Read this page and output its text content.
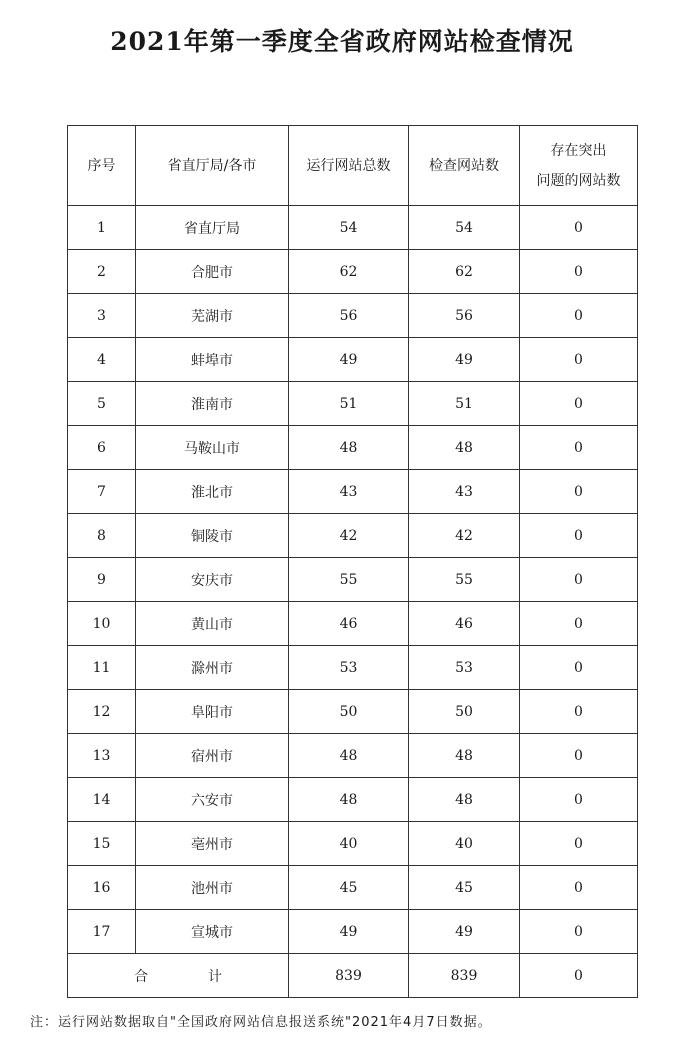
2021年第一季度全省政府网站检查情况
序号	省直厅局/各市	运行网站总数	检查网站数	存在突出
问题的网站数

1	省直厅局	54	54	0
2	合肥市	62	62	0
3	芜湖市	56	56	0
4	蚌埠市	49	49	0
5	淮南市	51	51	0
6	马鞍山市	48	48	0
7	淮北市	43	43	0
8	铜陵市	42	42	0
9	安庆市	55	55	0
10	黄山市	46	46	0
11	滁州市	53	53	0
12	阜阳市	50	50	0
13	宿州市	48	48	0
14	六安市	48	48	0
15	亳州市	40	40	0
16	池州市	45	45	0
17	宣城市	49	49	0
合 计		839	839	0
注：运行网站数据取自"全国政府网站信息报送系统"2021年4月7日数据。
